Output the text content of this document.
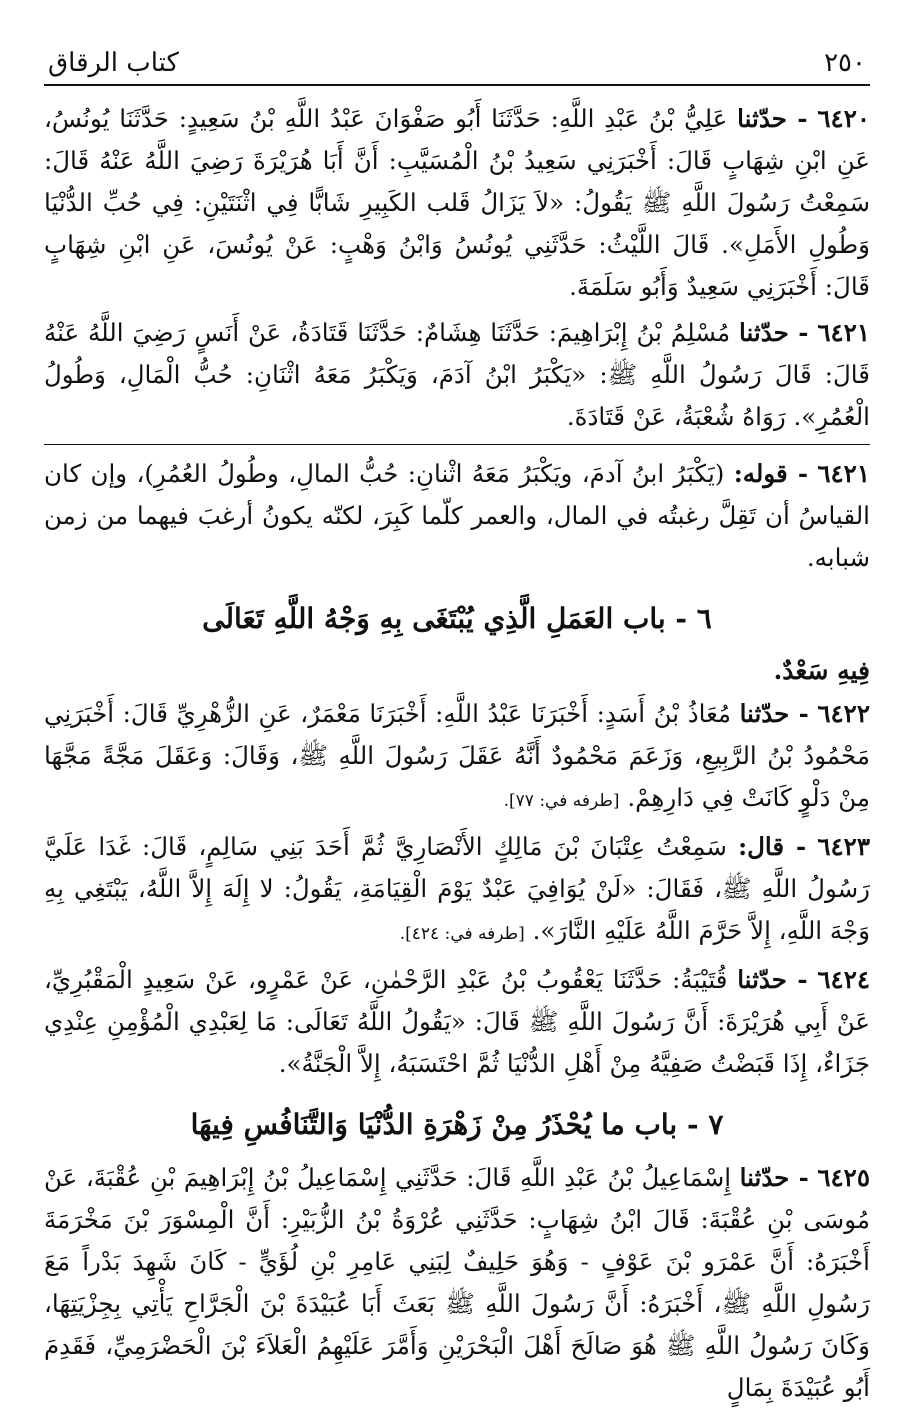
٢٥٠
كتاب الرقاق

٦٤٢٠ - حدّثنا عَلِيُّ بْنُ عَبْدِ اللَّهِ: حَدَّثَنَا أَبُو صَفْوَانَ عَبْدُ اللَّهِ بْنُ سَعِيدٍ: حَدَّثَنَا يُونُسُ، عَنِ ابْنِ شِهَابٍ قَالَ: أَخْبَرَنِي سَعِيدُ بْنُ الْمُسَيَّبِ: أَنَّ أَبَا هُرَيْرَةَ رَضِيَ اللَّهُ عَنْهُ قَالَ: سَمِعْتُ رَسُولَ اللَّهِ ﷺ يَقُولُ: «لاَ يَزَالُ قَلب الكَبِيرِ شَابًّا فِي اثْنَتَيْنِ: فِي حُبِّ الدُّنْيَا وَطُولِ الأَمَلِ». قَالَ اللَّيْثُ: حَدَّثَنِي يُونُسُ وَابْنُ وَهْبٍ: عَنْ يُونُسَ، عَنِ ابْنِ شِهَابٍ قَالَ: أَخْبَرَنِي سَعِيدٌ وَأَبُو سَلَمَةَ.

٦٤٢١ - حدّثنا مُسْلِمُ بْنُ إِبْرَاهِيمَ: حَدَّثَنَا هِشَامٌ: حَدَّثَنَا قَتَادَةُ، عَنْ أَنَسٍ رَضِيَ اللَّهُ عَنْهُ قَالَ: قَالَ رَسُولُ اللَّهِ ﷺ: «يَكْبَرُ ابْنُ آدَمَ، وَيَكْبَرُ مَعَهُ اثْنَانِ: حُبُّ الْمَالِ، وَطُولُ الْعُمُرِ». رَوَاهُ شُعْبَةُ، عَنْ قَتَادَةَ.

٦٤٢١ - قوله: (يَكْبَرُ ابنُ آدمَ، ويَكْبَرُ مَعَهُ اثْنانِ: حُبُّ المالِ، وطُولُ العُمُرِ)، وإن كان القياسُ أن تَقِلَّ رغبتُه في المال، والعمر كلّما كَبِرَ، لكنّه يكونُ أرغبَ فيهما من زمن شبابه.

٦ - باب العَمَلِ الَّذِي يُبْتَغَى بِهِ وَجْهُ اللَّهِ تَعَالَى

فِيهِ سَعْدٌ.

٦٤٢٢ - حدّثنا مُعَاذُ بْنُ أَسَدٍ: أَخْبَرَنَا عَبْدُ اللَّهِ: أَخْبَرَنَا مَعْمَرٌ، عَنِ الزُّهْرِيِّ قَالَ: أَخْبَرَنِي مَحْمُودُ بْنُ الرَّبِيعِ، وَزَعَمَ مَحْمُودٌ أَنَّهُ عَقَلَ رَسُولَ اللَّهِ ﷺ، وَقَالَ: وَعَقَلَ مَجَّةً مَجَّهَا مِنْ دَلْوٍ كَانَتْ فِي دَارِهِمْ. [طرفه في: ٧٧].

٦٤٢٣ - قال: سَمِعْتُ عِتْبَانَ بْنَ مَالِكٍ الأَنْصَارِيَّ ثُمَّ أَحَدَ بَنِي سَالِمٍ، قَالَ: غَدَا عَلَيَّ رَسُولُ اللَّهِ ﷺ، فَقَالَ: «لَنْ يُوَافِيَ عَبْدٌ يَوْمَ الْقِيَامَةِ، يَقُولُ: لا إِلَهَ إِلاَّ اللَّهُ، يَبْتَغِي بِهِ وَجْهَ اللَّهِ، إِلاَّ حَرَّمَ اللَّهُ عَلَيْهِ النَّارَ». [طرفه في: ٤٢٤].

٦٤٢٤ - حدّثنا قُتَيْبَةُ: حَدَّثَنَا يَعْقُوبُ بْنُ عَبْدِ الرَّحْمٰنِ، عَنْ عَمْرٍو، عَنْ سَعِيدٍ الْمَقْبُرِيِّ، عَنْ أَبِي هُرَيْرَةَ: أَنَّ رَسُولَ اللَّهِ ﷺ قَالَ: «يَقُولُ اللَّهُ تَعَالَى: مَا لِعَبْدِي الْمُؤْمِنِ عِنْدِي جَزَاءٌ، إِذَا قَبَضْتُ صَفِيَّهُ مِنْ أَهْلِ الدُّنْيَا ثُمَّ احْتَسَبَهُ، إِلاَّ الْجَنَّةُ».

٧ - باب ما يُحْذَرُ مِنْ زَهْرَةِ الدُّنْيَا وَالتَّنَافُسِ فِيهَا

٦٤٢٥ - حدّثنا إِسْمَاعِيلُ بْنُ عَبْدِ اللَّهِ قَالَ: حَدَّثَنِي إِسْمَاعِيلُ بْنُ إِبْرَاهِيمَ بْنِ عُقْبَةَ، عَنْ مُوسَى بْنِ عُقْبَةَ: قَالَ ابْنُ شِهَابٍ: حَدَّثَنِي عُرْوَةُ بْنُ الزُّبَيْرِ: أَنَّ الْمِسْوَرَ بْنَ مَخْرَمَةَ أَخْبَرَهُ: أَنَّ عَمْرَو بْنَ عَوْفٍ - وَهُوَ حَلِيفٌ لِبَنِي عَامِرِ بْنِ لُؤَيٍّ - كَانَ شَهِدَ بَدْراً مَعَ رَسُولِ اللَّهِ ﷺ، أَخْبَرَهُ: أَنَّ رَسُولَ اللَّهِ ﷺ بَعَثَ أَبَا عُبَيْدَةَ بْنَ الْجَرَّاحِ يَأْتِي بِجِزْيَتِهَا، وَكَانَ رَسُولُ اللَّهِ ﷺ هُوَ صَالَحَ أَهْلَ الْبَحْرَيْنِ وَأَمَّرَ عَلَيْهِمُ الْعَلاَءَ بْنَ الْحَضْرَمِيِّ، فَقَدِمَ أَبُو عُبَيْدَةَ بِمَالٍ
